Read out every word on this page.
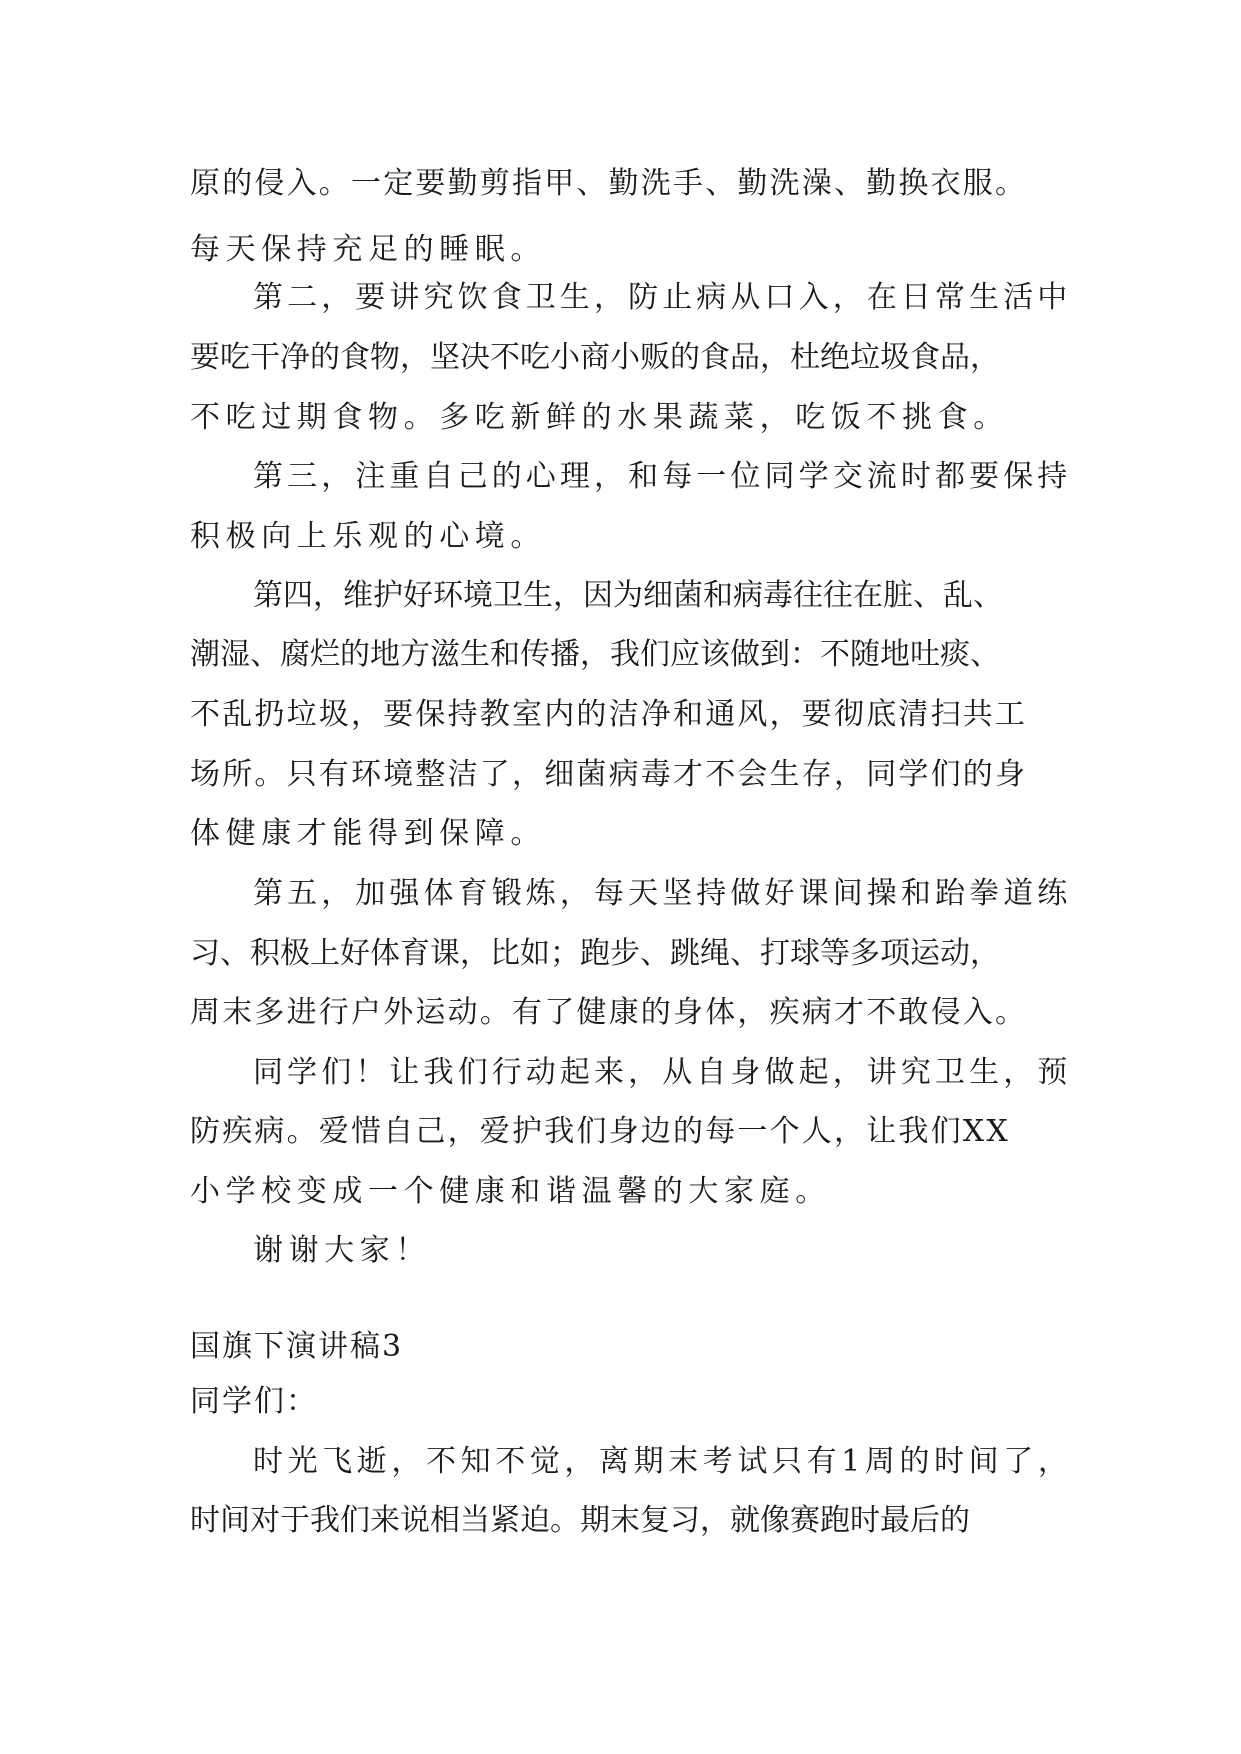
原的侵入。一定要勤剪指甲、勤洗手、勤洗澡、勤换衣服。
每天保持充足的睡眠。
第二，要讲究饮食卫生，防止病从口入，在日常生活中
要吃干净的食物，坚决不吃小商小贩的食品，杜绝垃圾食品，
不吃过期食物。多吃新鲜的水果蔬菜，吃饭不挑食。
第三，注重自己的心理，和每一位同学交流时都要保持
积极向上乐观的心境。
第四，维护好环境卫生，因为细菌和病毒往往在脏、乱、
潮湿、腐烂的地方滋生和传播，我们应该做到：不随地吐痰、
不乱扔垃圾，要保持教室内的洁净和通风，要彻底清扫共工
场所。只有环境整洁了，细菌病毒才不会生存，同学们的身
体健康才能得到保障。
第五，加强体育锻炼，每天坚持做好课间操和跆拳道练
习、积极上好体育课，比如；跑步、跳绳、打球等多项运动，
周末多进行户外运动。有了健康的身体，疾病才不敢侵入。
同学们！让我们行动起来，从自身做起，讲究卫生，预
防疾病。爱惜自己，爱护我们身边的每一个人，让我们XX
小学校变成一个健康和谐温馨的大家庭。
谢谢大家！
国旗下演讲稿3
同学们：
时光飞逝，不知不觉，离期末考试只有1周的时间了，
时间对于我们来说相当紧迫。期末复习，就像赛跑时最后的
